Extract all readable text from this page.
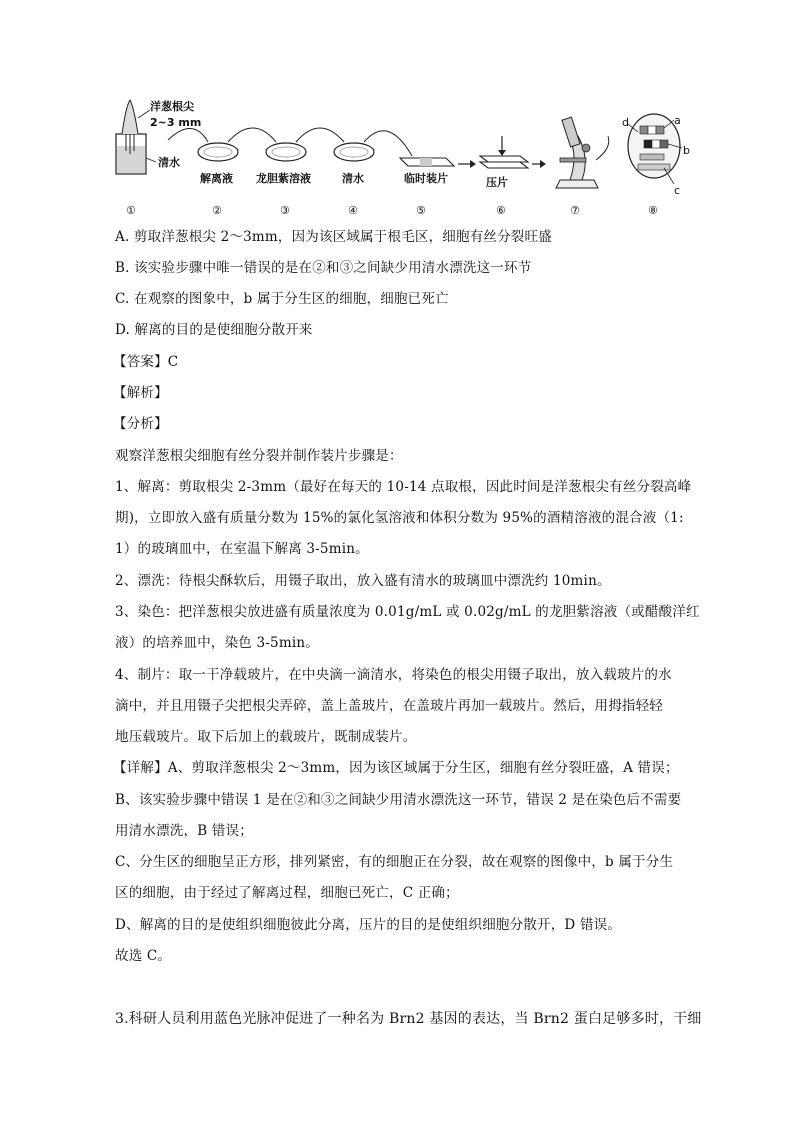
洋葱根尖
2~3 mm
清水
解离液 龙胆紫溶液	清水	临时装片	压片
a
b
c
d
①	②	③	④	⑤	⑥	⑦	⑧
A. 剪取洋葱根尖 2～3mm，因为该区域属于根毛区，细胞有丝分裂旺盛
B. 该实验步骤中唯一错误的是在②和③之间缺少用清水漂洗这一环节
C. 在观察的图象中，b 属于分生区的细胞，细胞已死亡
D. 解离的目的是使细胞分散开来
【答案】C
【解析】
【分析】
观察洋葱根尖细胞有丝分裂并制作装片步骤是：
1、解离：剪取根尖 2-3mm（最好在每天的 10-14 点取根，因此时间是洋葱根尖有丝分裂高峰
期)，立即放入盛有质量分数为 15%的氯化氢溶液和体积分数为 95%的酒精溶液的混合液（1:
1）的玻璃皿中，在室温下解离 3-5min。
2、漂洗：待根尖酥软后，用镊子取出，放入盛有清水的玻璃皿中漂洗约 10min。
3、染色：把洋葱根尖放进盛有质量浓度为 0.01g/mL 或 0.02g/mL 的龙胆紫溶液（或醋酸洋红
液）的培养皿中，染色 3-5min。
4、制片：取一干净载玻片，在中央滴一滴清水，将染色的根尖用镊子取出，放入载玻片的水
滴中，并且用镊子尖把根尖弄碎，盖上盖玻片，在盖玻片再加一载玻片。然后，用拇指轻轻
地压载玻片。取下后加上的载玻片，既制成装片。
【详解】A、剪取洋葱根尖 2～3mm，因为该区域属于分生区，细胞有丝分裂旺盛，A 错误；
B、该实验步骤中错误 1 是在②和③之间缺少用清水漂洗这一环节，错误 2 是在染色后不需要
用清水漂洗，B 错误；
C、分生区的细胞呈正方形，排列紧密，有的细胞正在分裂，故在观察的图像中，b 属于分生
区的细胞，由于经过了解离过程，细胞已死亡，C 正确；
D、解离的目的是使组织细胞彼此分离，压片的目的是使组织细胞分散开，D 错误。
故选 C。
3.科研人员利用蓝色光脉冲促进了一种名为 Brn2 基因的表达，当 Brn2 蛋白足够多时，干细
